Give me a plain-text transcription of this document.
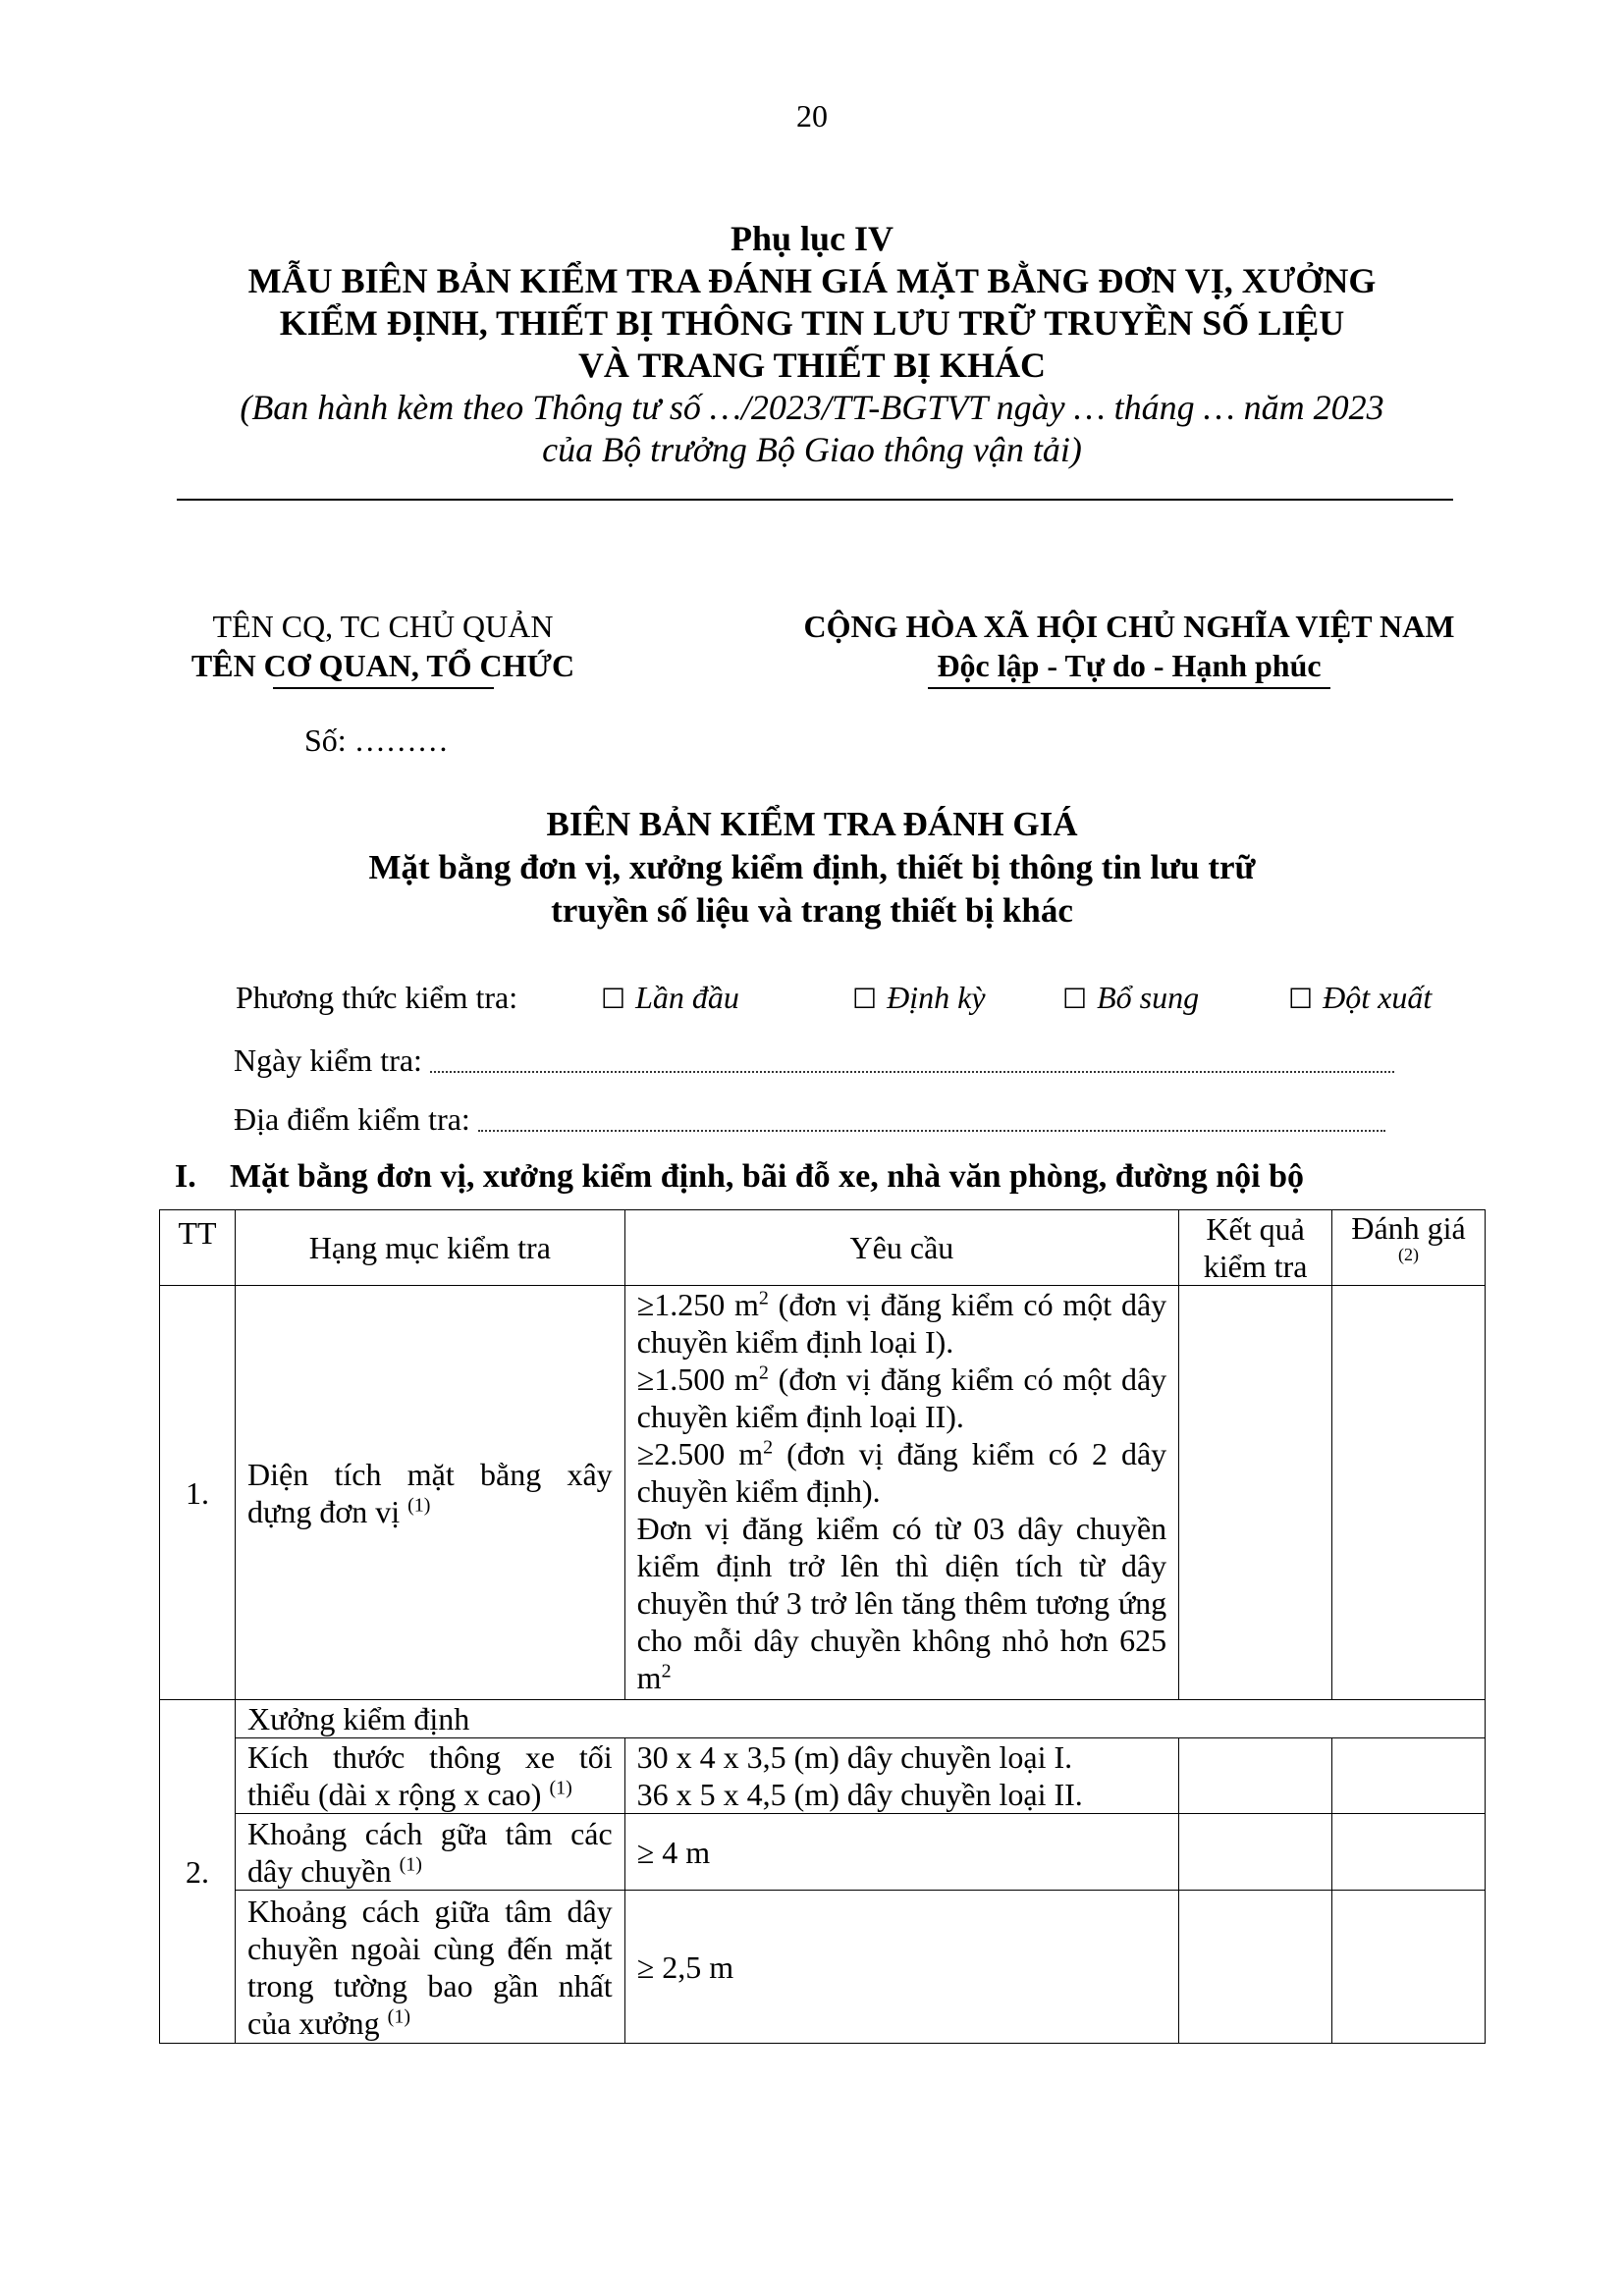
20
Phụ lục IV
MẪU BIÊN BẢN KIỂM TRA ĐÁNH GIÁ MẶT BẰNG ĐƠN VỊ, XƯỞNG
KIỂM ĐỊNH, THIẾT BỊ THÔNG TIN LƯU TRỮ TRUYỀN SỐ LIỆU
VÀ TRANG THIẾT BỊ KHÁC
(Ban hành kèm theo Thông tư số …/2023/TT-BGTVT ngày … tháng … năm 2023
của Bộ trưởng Bộ Giao thông vận tải)
TÊN CQ, TC CHỦ QUẢN
TÊN CƠ QUAN, TỔ CHỨC
CỘNG HÒA XÃ HỘI CHỦ NGHĨA VIỆT NAM
Độc lập - Tự do - Hạnh phúc
Số: ………
BIÊN BẢN KIỂM TRA ĐÁNH GIÁ
Mặt bằng đơn vị, xưởng kiểm định, thiết bị thông tin lưu trữ
truyền số liệu và trang thiết bị khác
Phương thức kiểm tra:	☐ Lần đầu	☐ Định kỳ	☐ Bổ sung	☐ Đột xuất
Ngày kiểm tra:
Địa điểm kiểm tra:
I. Mặt bằng đơn vị, xưởng kiểm định, bãi đỗ xe, nhà văn phòng, đường nội bộ
TT	Hạng mục kiểm tra	Yêu cầu	Kết quả kiểm tra	Đánh giá
(2)

1.	Diện tích mặt bằng xây dựng đơn vị $^{(1)}$	≥1.250 $m^2$ (đơn vị đăng kiểm có một dây chuyền kiểm định loại I).
≥1.500 $m^2$ (đơn vị đăng kiểm có một dây chuyền kiểm định loại II).
≥2.500 $m^2$ (đơn vị đăng kiểm có 2 dây chuyền kiểm định).
Đơn vị đăng kiểm có từ 03 dây chuyền kiểm định trở lên thì diện tích từ dây chuyền thứ 3 trở lên tăng thêm tương ứng cho mỗi dây chuyền không nhỏ hơn 625 $m^2$

2.	Xưởng kiểm định			
	Kích thước thông xe tối thiểu (dài x rộng x cao) $^{(1)}$	30 x 4 x 3,5 (m) dây chuyền loại I.
36 x 5 x 4,5 (m) dây chuyền loại II.		

	Khoảng cách gữa tâm các dây chuyền $^{(1)}$	≥ 4 m		
	Khoảng cách giữa tâm dây chuyền ngoài cùng đến mặt trong tường bao gần nhất của xưởng $^{(1)}$	≥ 2,5 m		
